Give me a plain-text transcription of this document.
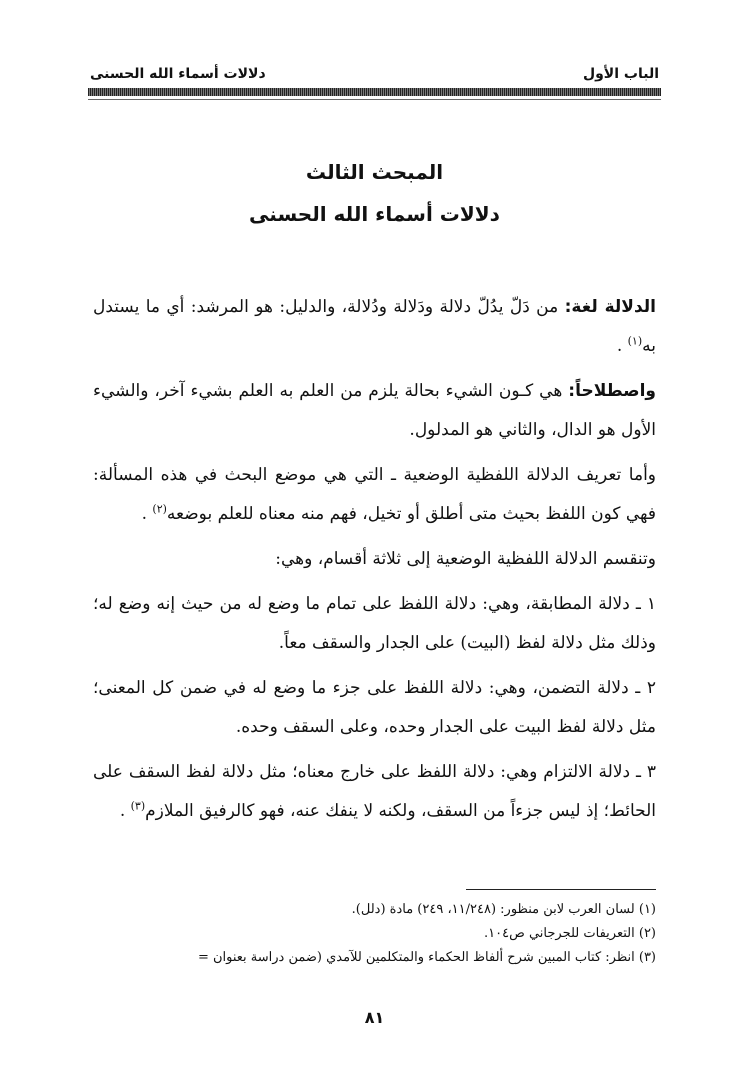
الباب الأول
دلالات أسماء الله الحسنى
المبحث الثالث
دلالات أسماء الله الحسنى

الدلالة لغة: من دَلّ يدُلّ دلالة ودَلالة ودُلالة، والدليل: هو المرشد: أي ما يستدل به$^{(١)}$ .

واصطلاحاً: هي كـون الشيء بحالة يلزم من العلم به العلم بشيء آخر، والشيء الأول هو الدال، والثاني هو المدلول.

وأما تعريف الدلالة اللفظية الوضعية ـ التي هي موضع البحث في هذه المسألة: فهي كون اللفظ بحيث متى أطلق أو تخيل، فهم منه معناه للعلم بوضعه$^{(٢)}$ .

وتنقسم الدلالة اللفظية الوضعية إلى ثلاثة أقسام، وهي:

١ ـ دلالة المطابقة، وهي: دلالة اللفظ على تمام ما وضع له من حيث إنه وضع له؛ وذلك مثل دلالة لفظ (البيت) على الجدار والسقف معاً.

٢ ـ دلالة التضمن، وهي: دلالة اللفظ على جزء ما وضع له في ضمن كل المعنى؛ مثل دلالة لفظ البيت على الجدار وحده، وعلى السقف وحده.

٣ ـ دلالة الالتزام وهي: دلالة اللفظ على خارج معناه؛ مثل دلالة لفظ السقف على الحائط؛ إذ ليس جزءاً من السقف، ولكنه لا ينفك عنه، فهو كالرفيق الملازم$^{(٣)}$ .

(١) لسان العرب لابن منظور: (١١/٢٤٨، ٢٤٩) مادة (دلل).
(٢) التعريفات للجرجاني ص١٠٤.
(٣) انظر: كتاب المبين شرح ألفاظ الحكماء والمتكلمين للآمدي (ضمن دراسة بعنوان =
٨١
